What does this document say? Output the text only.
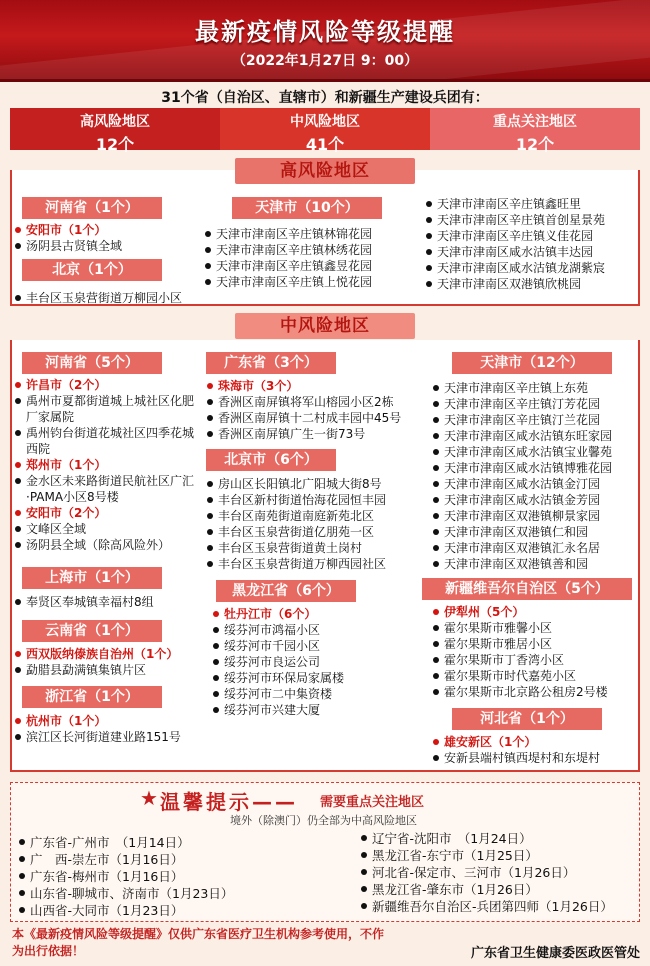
最新疫情风险等级提醒
（2022年1月27日 9：00）
31个省（自治区、直辖市）和新疆生产建设兵团有：
高风险地区
12个
中风险地区
41个
重点关注地区
12个
高风险地区
河南省（1个）
安阳市（1个）
汤阴县古贤镇全域
北京（1个）
丰台区玉泉营街道万柳园小区
天津市（10个）
天津市津南区辛庄镇林锦花园
天津市津南区辛庄镇林绣花园
天津市津南区辛庄镇鑫昱花园
天津市津南区辛庄镇上悦花园
天津市津南区辛庄镇鑫旺里
天津市津南区辛庄镇首创星景苑
天津市津南区辛庄镇义佳花园
天津市津南区咸水沽镇丰达园
天津市津南区咸水沽镇龙湖紫宸
天津市津南区双港镇欣桃园
中风险地区
河南省（5个）
许昌市（2个）
禹州市夏都街道城上城社区化肥厂家属院
禹州钧台街道花城社区四季花城西院
郑州市（1个）
金水区未来路街道民航社区广汇·PAMA小区8号楼
安阳市（2个）
文峰区全域
汤阴县全域（除高风险外）
上海市（1个）
奉贤区奉城镇幸福村8组
云南省（1个）
西双版纳傣族自治州（1个）
勐腊县勐满镇集镇片区
浙江省（1个）
杭州市（1个）
滨江区长河街道建业路151号
广东省（3个）
珠海市（3个）
香洲区南屏镇将军山榕园小区2栋
香洲区南屏镇十二村成丰园中45号
香洲区南屏镇广生一街73号
北京市（6个）
房山区长阳镇北广阳城大街8号
丰台区新村街道怡海花园恒丰园
丰台区南苑街道南庭新苑北区
丰台区玉泉营街道亿朋苑一区
丰台区玉泉营街道黄土岗村
丰台区玉泉营街道万柳西园社区
黑龙江省（6个）
牡丹江市（6个）
绥芬河市鸿福小区
绥芬河市千园小区
绥芬河市良运公司
绥芬河市环保局家属楼
绥芬河市二中集资楼
绥芬河市兴建大厦
天津市（12个）
天津市津南区辛庄镇上东苑
天津市津南区辛庄镇汀芳花园
天津市津南区辛庄镇汀兰花园
天津市津南区咸水沽镇东旺家园
天津市津南区咸水沽镇宝业馨苑
天津市津南区咸水沽镇博雅花园
天津市津南区咸水沽镇金汀园
天津市津南区咸水沽镇金芳园
天津市津南区双港镇柳景家园
天津市津南区双港镇仁和园
天津市津南区双港镇汇永名居
天津市津南区双港镇善和园
新疆维吾尔自治区（5个）
伊犁州（5个）
霍尔果斯市雅馨小区
霍尔果斯市雅居小区
霍尔果斯市丁香湾小区
霍尔果斯市时代嘉苑小区
霍尔果斯市北京路公租房2号楼
河北省（1个）
雄安新区（1个）
安新县端村镇西堤村和东堤村
★ 温馨提示—— 需要重点关注地区
境外（除澳门）仍全部为中高风险地区
广东省-广州市　（1月14日）
广　西-崇左市（1月16日）
广东省-梅州市（1月16日）
山东省-聊城市、济南市（1月23日）
山西省-大同市（1月23日）
辽宁省-沈阳市　（1月24日）
黑龙江省-东宁市（1月25日）
河北省-保定市、三河市（1月26日）
黑龙江省-肇东市（1月26日）
新疆维吾尔自治区-兵团第四师（1月26日）
本《最新疫情风险等级提醒》仅供广东省医疗卫生机构参考使用，不作为出行依据！	广东省卫生健康委医政医管处
